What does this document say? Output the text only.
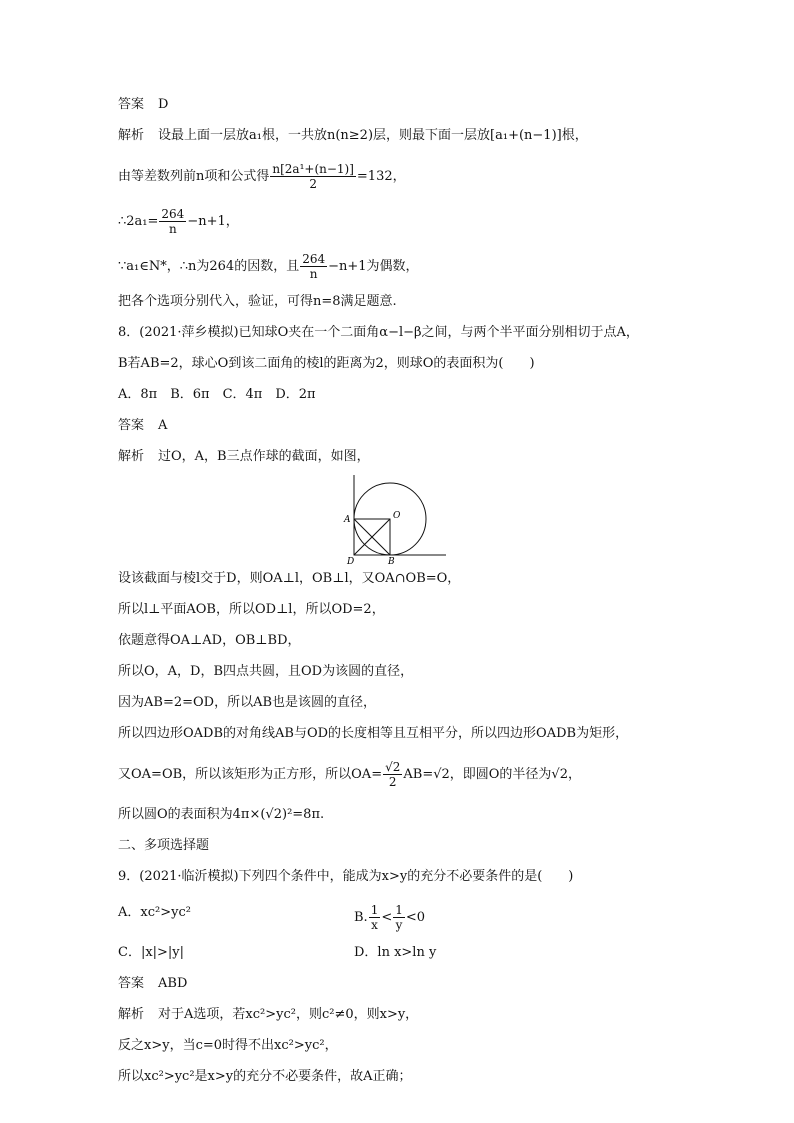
答案 D

解析 设最上面一层放a₁根，一共放n(n≥2)层，则最下面一层放[a₁+(n−1)]根，

由等差数列前n项和公式得 $\frac{\text{n[2a¹+(n−1)]}}{2} =132$，

∴2a₁= $\frac{264}{n} -n+1$，

∵a₁∈N*，∴n为264的因数，且 $\frac{264}{n} -n+1$为偶数，

把各个选项分别代入，验证，可得n=8满足题意.

8．(2021·萍乡模拟)已知球O夹在一个二面角α−l−β之间，与两个半平面分别相切于点A，

B若AB=2，球心O到该二面角的棱l的距离为2，则球O的表面积为(　　)

A．8π　B．6π　C．4π　D．2π

答案 A

解析 过O，A，B三点作球的截面，如图，

A	O
D	B

设该截面与棱l交于D，则OA⊥l，OB⊥l，又OA∩OB=O，

所以l⊥平面AOB，所以OD⊥l，所以OD=2，

依题意得OA⊥AD，OB⊥BD，

所以O，A，D，B四点共圆，且OD为该圆的直径，

因为AB=2=OD，所以AB也是该圆的直径，

所以四边形OADB的对角线AB与OD的长度相等且互相平分，所以四边形OADB为矩形，

又OA=OB，所以该矩形为正方形，所以$OA= \frac{√2}{2} AB=√2$，即圆O的半径为√2，

所以圆O的表面积为4π×(√2)²=8π.

二、多项选择题

9．(2021·临沂模拟)下列四个条件中，能成为x>y的充分不必要条件的是(　　)

A．xc²>yc²	B. $\frac{1}{x} < \frac{1}{y} <0$
C．|x|>|y|	D．ln x>ln y

答案 ABD

解析 对于A选项，若xc²>yc²，则c²≠0，则x>y，

反之x>y，当c=0时得不出xc²>yc²，

所以xc²>yc²是x>y的充分不必要条件，故A正确；
